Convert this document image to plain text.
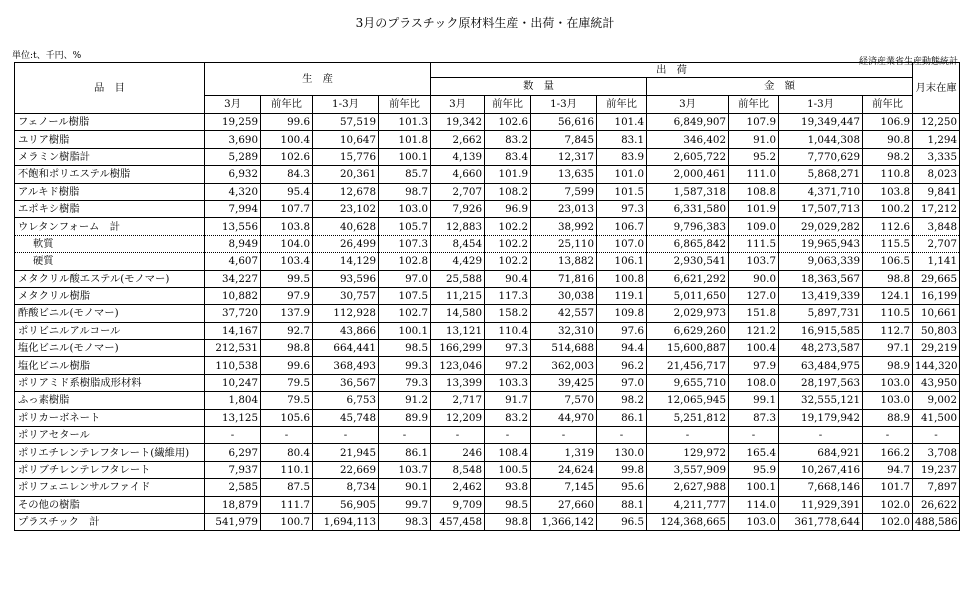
3月のプラスチック原材料生産・出荷・在庫統計
単位:t、千円、%
経済産業省生産動態統計
品　目	生　産				出　荷								月末在庫
					数　量				金　額				
	3月	前年比	1-3月	前年比	3月	前年比	1-3月	前年比	3月	前年比	1-3月	前年比	
フェノール樹脂	19,259	99.6	57,519	101.3	19,342	102.6	56,616	101.4	6,849,907	107.9	19,349,447	106.9	12,250
ユリア樹脂	3,690	100.4	10,647	101.8	2,662	83.2	7,845	83.1	346,402	91.0	1,044,308	90.8	1,294
メラミン樹脂計	5,289	102.6	15,776	100.1	4,139	83.4	12,317	83.9	2,605,722	95.2	7,770,629	98.2	3,335
不飽和ポリエステル樹脂	6,932	84.3	20,361	85.7	4,660	101.9	13,635	101.0	2,000,461	111.0	5,868,271	110.8	8,023
アルキド樹脂	4,320	95.4	12,678	98.7	2,707	108.2	7,599	101.5	1,587,318	108.8	4,371,710	103.8	9,841
エポキシ樹脂	7,994	107.7	23,102	103.0	7,926	96.9	23,013	97.3	6,331,580	101.9	17,507,713	100.2	17,212
ウレタンフォーム　計	13,556	103.8	40,628	105.7	12,883	102.2	38,992	106.7	9,796,383	109.0	29,029,282	112.6	3,848
軟質	8,949	104.0	26,499	107.3	8,454	102.2	25,110	107.0	6,865,842	111.5	19,965,943	115.5	2,707
硬質	4,607	103.4	14,129	102.8	4,429	102.2	13,882	106.1	2,930,541	103.7	9,063,339	106.5	1,141
メタクリル酸エステル(モノマー)	34,227	99.5	93,596	97.0	25,588	90.4	71,816	100.8	6,621,292	90.0	18,363,567	98.8	29,665
メタクリル樹脂	10,882	97.9	30,757	107.5	11,215	117.3	30,038	119.1	5,011,650	127.0	13,419,339	124.1	16,199
酢酸ビニル(モノマー)	37,720	137.9	112,928	102.7	14,580	158.2	42,557	109.8	2,029,973	151.8	5,897,731	110.5	10,661
ポリビニルアルコール	14,167	92.7	43,866	100.1	13,121	110.4	32,310	97.6	6,629,260	121.2	16,915,585	112.7	50,803
塩化ビニル(モノマー)	212,531	98.8	664,441	98.5	166,299	97.3	514,688	94.4	15,600,887	100.4	48,273,587	97.1	29,219
塩化ビニル樹脂	110,538	99.6	368,493	99.3	123,046	97.2	362,003	96.2	21,456,717	97.9	63,484,975	98.9	144,320
ポリアミド系樹脂成形材料	10,247	79.5	36,567	79.3	13,399	103.3	39,425	97.0	9,655,710	108.0	28,197,563	103.0	43,950
ふっ素樹脂	1,804	79.5	6,753	91.2	2,717	91.7	7,570	98.2	12,065,945	99.1	32,555,121	103.0	9,002
ポリカーボネート	13,125	105.6	45,748	89.9	12,209	83.2	44,970	86.1	5,251,812	87.3	19,179,942	88.9	41,500
ポリアセタール	-	-	-	-	-	-	-	-	-	-	-	-	-
ポリエチレンテレフタレート(繊維用)	6,297	80.4	21,945	86.1	246	108.4	1,319	130.0	129,972	165.4	684,921	166.2	3,708
ポリブチレンテレフタレート	7,937	110.1	22,669	103.7	8,548	100.5	24,624	99.8	3,557,909	95.9	10,267,416	94.7	19,237
ポリフェニレンサルファイド	2,585	87.5	8,734	90.1	2,462	93.8	7,145	95.6	2,627,988	100.1	7,668,146	101.7	7,897
その他の樹脂	18,879	111.7	56,905	99.7	9,709	98.5	27,660	88.1	4,211,777	114.0	11,929,391	102.0	26,622
プラスチック　計	541,979	100.7	1,694,113	98.3	457,458	98.8	1,366,142	96.5	124,368,665	103.0	361,778,644	102.0	488,586
